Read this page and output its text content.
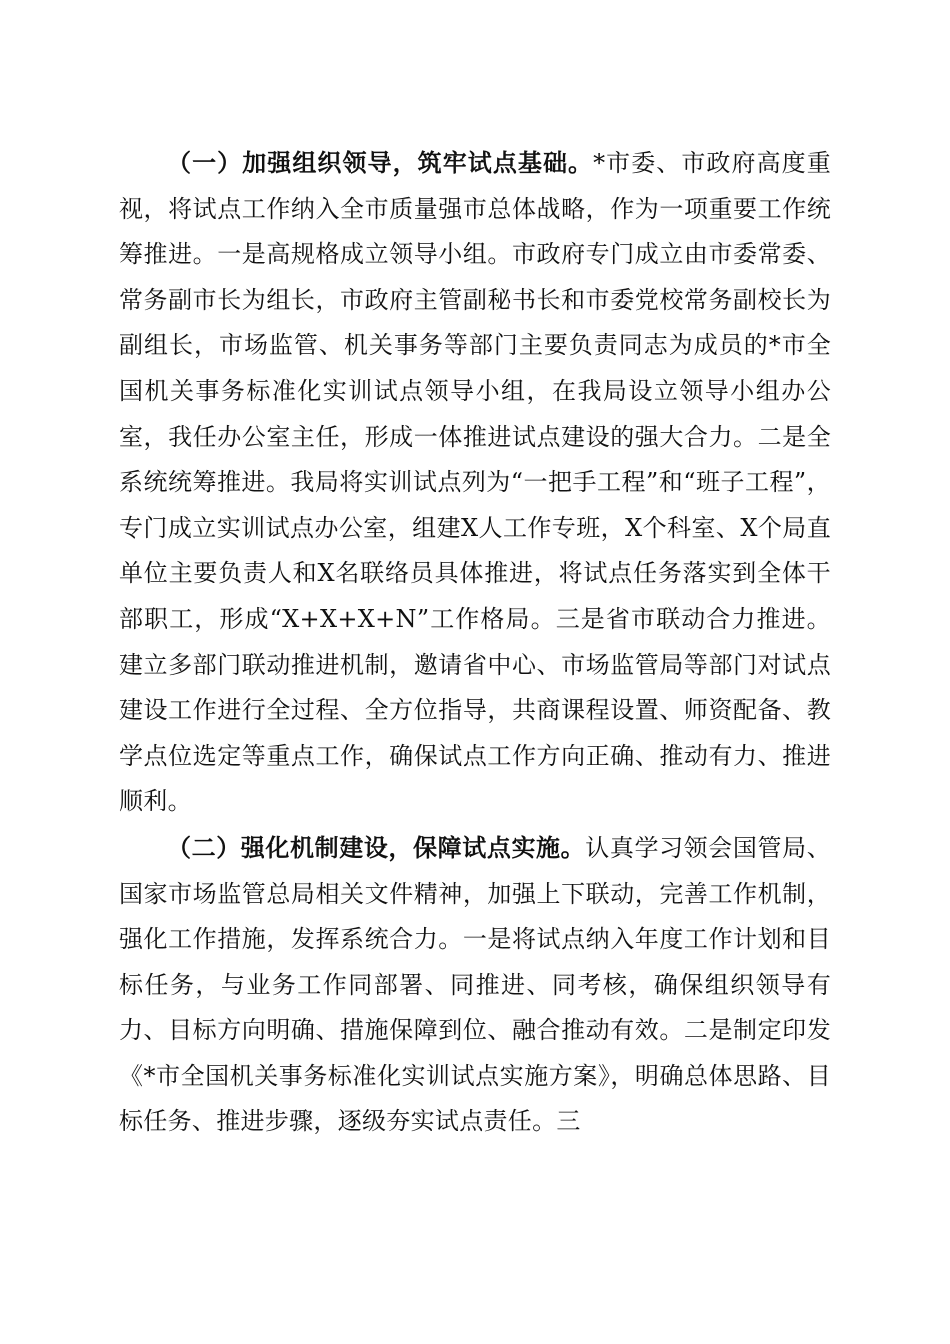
（一）加强组织领导，筑牢试点基础。*市委、市政府高度重视，将试点工作纳入全市质量强市总体战略，作为一项重要工作统筹推进。一是高规格成立领导小组。市政府专门成立由市委常委、常务副市长为组长，市政府主管副秘书长和市委党校常务副校长为副组长，市场监管、机关事务等部门主要负责同志为成员的*市全国机关事务标准化实训试点领导小组，在我局设立领导小组办公室，我任办公室主任，形成一体推进试点建设的强大合力。二是全系统统筹推进。我局将实训试点列为“一把手工程”和“班子工程”，专门成立实训试点办公室，组建X人工作专班，X个科室、X个局直单位主要负责人和X名联络员具体推进，将试点任务落实到全体干部职工，形成“X+X+X+N”工作格局。三是省市联动合力推进。建立多部门联动推进机制，邀请省中心、市场监管局等部门对试点建设工作进行全过程、全方位指导，共商课程设置、师资配备、教学点位选定等重点工作，确保试点工作方向正确、推动有力、推进顺利。

（二）强化机制建设，保障试点实施。认真学习领会国管局、国家市场监管总局相关文件精神，加强上下联动，完善工作机制，强化工作措施，发挥系统合力。一是将试点纳入年度工作计划和目标任务，与业务工作同部署、同推进、同考核，确保组织领导有力、目标方向明确、措施保障到位、融合推动有效。二是制定印发《*市全国机关事务标准化实训试点实施方案》，明确总体思路、目标任务、推进步骤，逐级夯实试点责任。三
